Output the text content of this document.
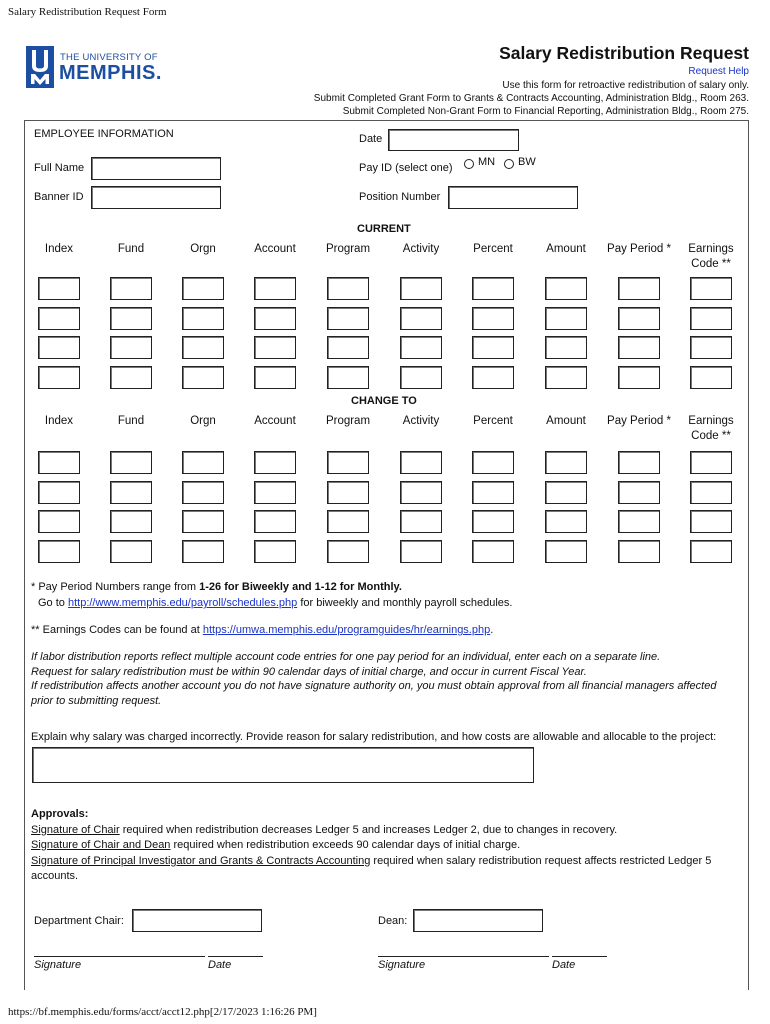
Salary Redistribution Request Form
THE UNIVERSITY OF
MEMPHIS.
Salary Redistribution Request
Request Help
Use this form for retroactive redistribution of salary only.
Submit Completed Grant Form to Grants & Contracts Accounting, Administration Bldg., Room 263.
Submit Completed Non-Grant Form to Financial Reporting, Administration Bldg., Room 275.
EMPLOYEE INFORMATION	Date
Full Name	Pay ID (select one) MN BW
Banner ID	Position Number
CURRENT
Index	Fund	Orgn	Account	Program	Activity	Percent	Amount	Pay Period *	Earnings Code **
CHANGE TO
Index	Fund	Orgn	Account	Program	Activity	Percent	Amount	Pay Period *	Earnings Code **
* Pay Period Numbers range from 1-26 for Biweekly and 1-12 for Monthly.
Go to http://www.memphis.edu/payroll/schedules.php for biweekly and monthly payroll schedules.
** Earnings Codes can be found at https://umwa.memphis.edu/programguides/hr/earnings.php.
If labor distribution reports reflect multiple account code entries for one pay period for an individual, enter each on a separate line.
Request for salary redistribution must be within 90 calendar days of initial charge, and occur in current Fiscal Year.
If redistribution affects another account you do not have signature authority on, you must obtain approval from all financial managers affected
prior to submitting request.
Explain why salary was charged incorrectly. Provide reason for salary redistribution, and how costs are allowable and allocable to the project:
Approvals:
Signature of Chair required when redistribution decreases Ledger 5 and increases Ledger 2, due to changes in recovery.
Signature of Chair and Dean required when redistribution exceeds 90 calendar days of initial charge.
Signature of Principal Investigator and Grants & Contracts Accounting required when salary redistribution request affects restricted Ledger 5
accounts.
Department Chair:	Dean:
Signature	Date	Signature	Date
https://bf.memphis.edu/forms/acct/acct12.php[2/17/2023 1:16:26 PM]
